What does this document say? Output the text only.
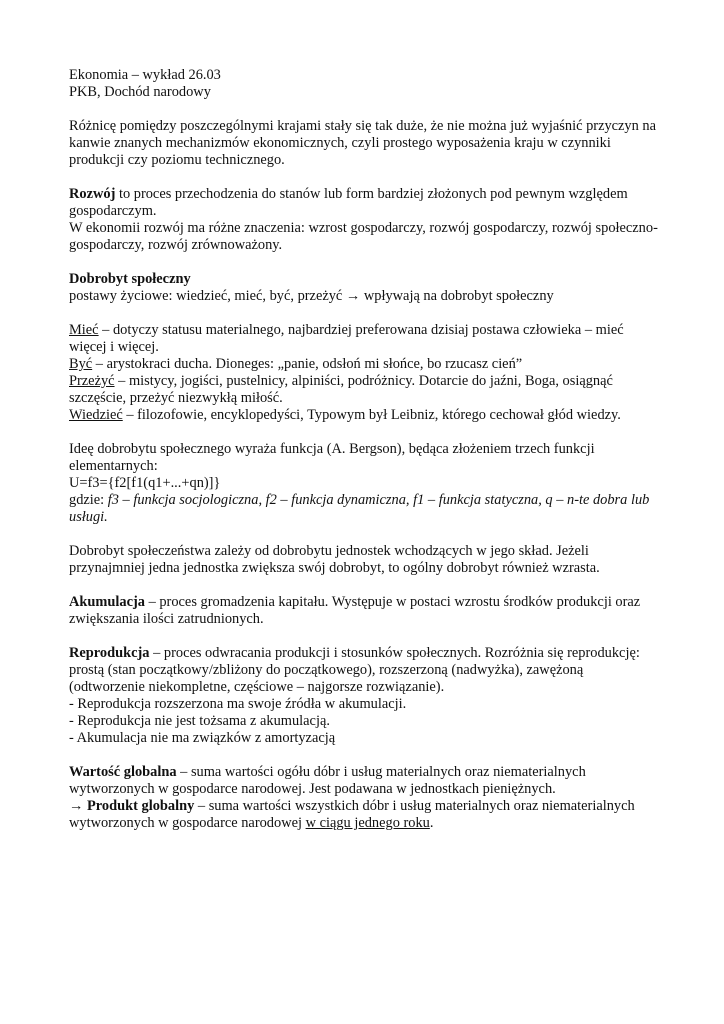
Ekonomia – wykład 26.03
PKB, Dochód narodowy
Różnicę pomiędzy poszczególnymi krajami stały się tak duże, że nie można już wyjaśnić przyczyn na kanwie znanych mechanizmów ekonomicznych, czyli prostego wyposażenia kraju w czynniki produkcji czy poziomu technicznego.
Rozwój to proces przechodzenia do stanów lub form bardziej złożonych pod pewnym względem gospodarczym.
W ekonomii rozwój ma różne znaczenia: wzrost gospodarczy, rozwój gospodarczy, rozwój społeczno-gospodarczy, rozwój zrównoważony.
Dobrobyt społeczny
postawy życiowe: wiedzieć, mieć, być, przeżyć → wpływają na dobrobyt społeczny
Mieć – dotyczy statusu materialnego, najbardziej preferowana dzisiaj postawa człowieka – mieć więcej i więcej.
Być – arystokraci ducha. Dioneges: „panie, odsłoń mi słońce, bo rzucasz cień”
Przeżyć – mistycy, jogiści, pustelnicy, alpiniści, podróżnicy. Dotarcie do jaźni, Boga, osiągnąć szczęście, przeżyć niezwykłą miłość.
Wiedzieć – filozofowie, encyklopedyści, Typowym był Leibniz, którego cechował głód wiedzy.
Ideę dobrobytu społecznego wyraża funkcja (A. Bergson), będąca złożeniem trzech funkcji elementarnych:
U=f3={f2[f1(q1+...+qn)]}
gdzie: f3 – funkcja socjologiczna, f2 – funkcja dynamiczna, f1 – funkcja statyczna, q – n-te dobra lub usługi.
Dobrobyt społeczeństwa zależy od dobrobytu jednostek wchodzących w jego skład. Jeżeli przynajmniej jedna jednostka zwiększa swój dobrobyt, to ogólny dobrobyt również wzrasta.
Akumulacja – proces gromadzenia kapitału. Występuje w postaci wzrostu środków produkcji oraz zwiększania ilości zatrudnionych.
Reprodukcja – proces odwracania produkcji i stosunków społecznych. Rozróżnia się reprodukcję: prostą (stan początkowy/zbliżony do początkowego), rozszerzoną (nadwyżka), zawężoną (odtworzenie niekompletne, częściowe – najgorsze rozwiązanie).
- Reprodukcja rozszerzona ma swoje źródła w akumulacji.
- Reprodukcja nie jest tożsama z akumulacją.
- Akumulacja nie ma związków z amortyzacją
Wartość globalna – suma wartości ogółu dóbr i usług materialnych oraz niematerialnych wytworzonych w gospodarce narodowej. Jest podawana w jednostkach pieniężnych.
→ Produkt globalny – suma wartości wszystkich dóbr i usług materialnych oraz niematerialnych wytworzonych w gospodarce narodowej w ciągu jednego roku.
